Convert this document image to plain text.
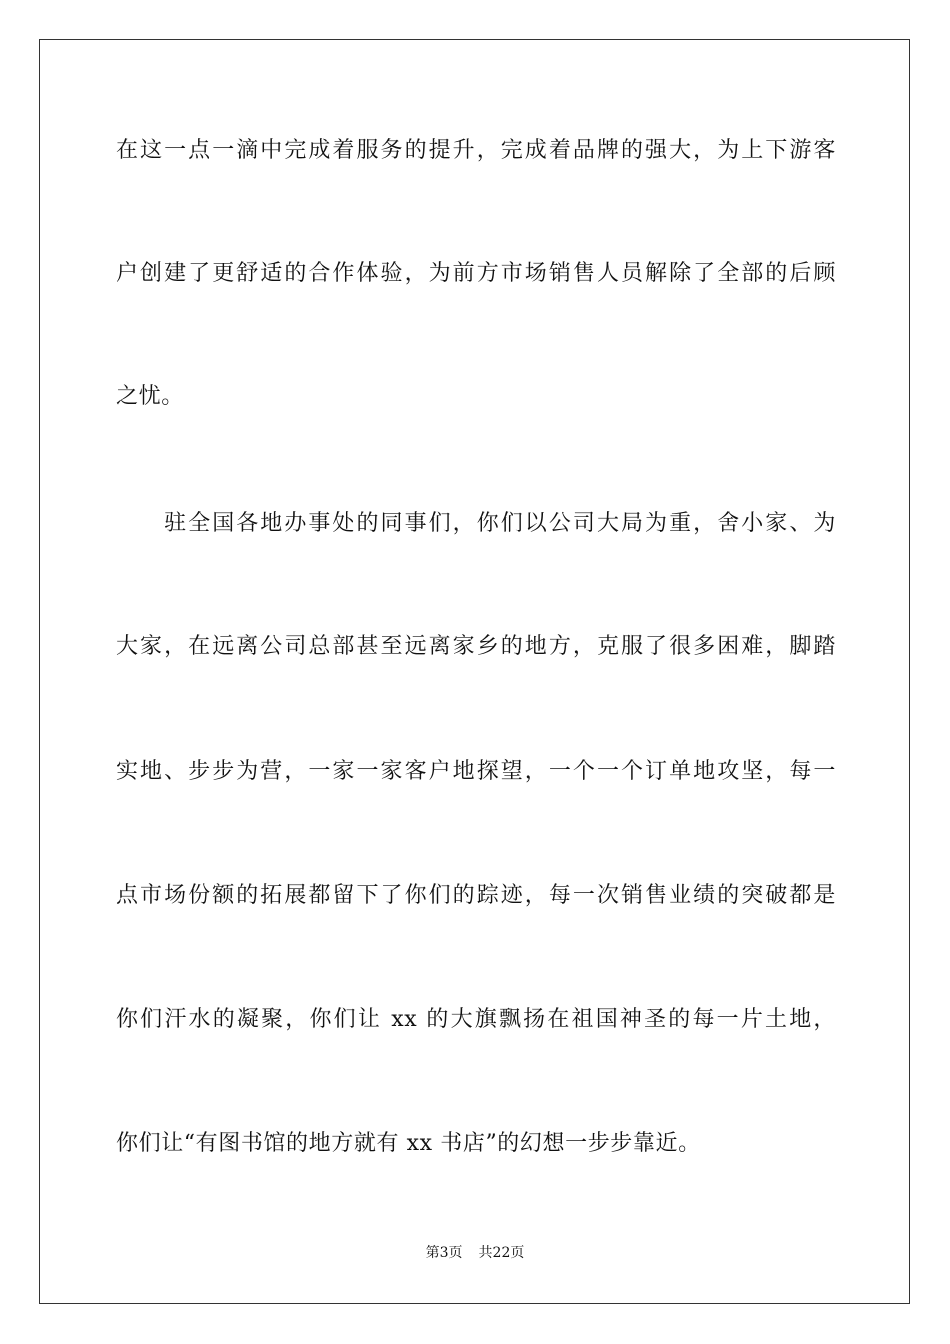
在这一点一滴中完成着服务的提升，完成着品牌的强大，为上下游客
户创建了更舒适的合作体验，为前方市场销售人员解除了全部的后顾
之忧。
　　驻全国各地办事处的同事们，你们以公司大局为重，舍小家、为
大家，在远离公司总部甚至远离家乡的地方，克服了很多困难，脚踏
实地、步步为营，一家一家客户地探望，一个一个订单地攻坚，每一
点市场份额的拓展都留下了你们的踪迹，每一次销售业绩的突破都是
你们汗水的凝聚，你们让 xx 的大旗飘扬在祖国神圣的每一片土地，
你们让“有图书馆的地方就有 xx 书店”的幻想一步步靠近。
第3页 共22页
